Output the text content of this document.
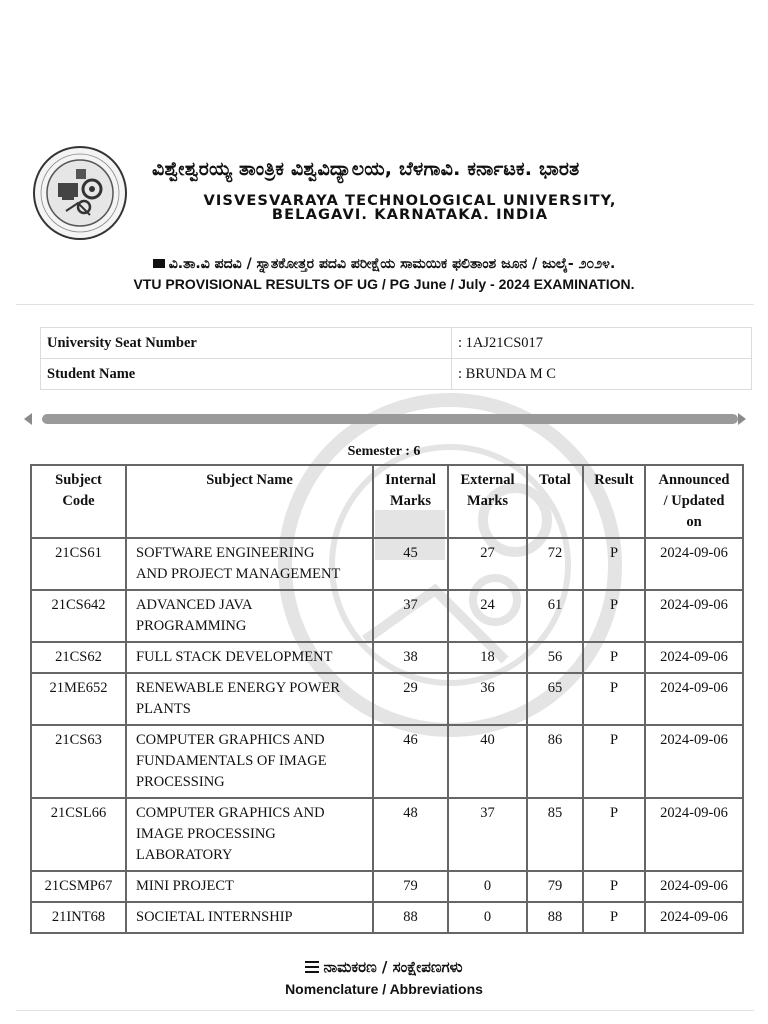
ವಿಶ್ವೇಶ್ವರಯ್ಯ ತಾಂತ್ರಿಕ ವಿಶ್ವವಿದ್ಯಾಲಯ, ಬೆಳಗಾವಿ. ಕರ್ನಾಟಕ. ಭಾರತ
VISVESVARAYA TECHNOLOGICAL UNIVERSITY,
BELAGAVI. KARNATAKA. INDIA
ವಿ.ತಾ.ವಿ ಪದವಿ / ಸ್ನಾತಕೋತ್ತರ ಪದವಿ ಪರೀಕ್ಷೆಯ ಸಾಮಯಿಕ ಫಲಿತಾಂಶ ಜೂನ / ಜುಲೈ- ೨೦೨೪.
VTU PROVISIONAL RESULTS OF UG / PG June / July - 2024 EXAMINATION.
University Seat Number	: 1AJ21CS017
Student Name	: BRUNDA M C
Semester : 6
Subject
Code	Subject Name	Internal
Marks	External
Marks	Total	Result	Announced
/ Updated
on
21CS61	SOFTWARE ENGINEERING
AND PROJECT MANAGEMENT	45	27	72	P	2024-09-06
21CS642	ADVANCED JAVA
PROGRAMMING	37	24	61	P	2024-09-06
21CS62	FULL STACK DEVELOPMENT	38	18	56	P	2024-09-06
21ME652	RENEWABLE ENERGY POWER
PLANTS	29	36	65	P	2024-09-06
21CS63	COMPUTER GRAPHICS AND
FUNDAMENTALS OF IMAGE
PROCESSING	46	40	86	P	2024-09-06
21CSL66	COMPUTER GRAPHICS AND
IMAGE PROCESSING
LABORATORY	48	37	85	P	2024-09-06
21CSMP67	MINI PROJECT	79	0	79	P	2024-09-06
21INT68	SOCIETAL INTERNSHIP	88	0	88	P	2024-09-06
ನಾಮಕರಣ / ಸಂಕ್ಷೇಪಣಗಳು
Nomenclature / Abbreviations
